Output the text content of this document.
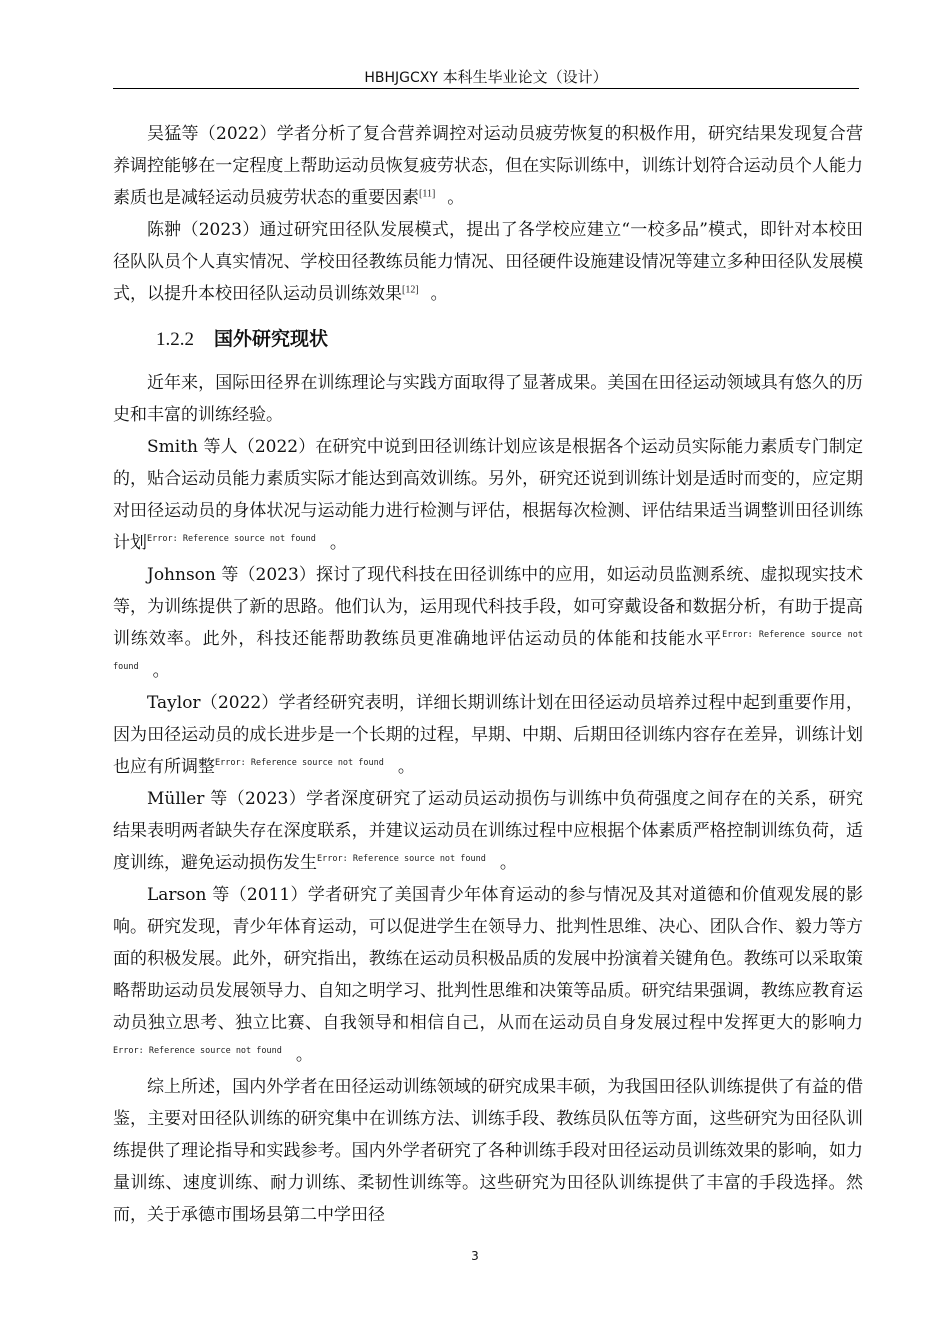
HBHJGCXY 本科生毕业论文（设计）

吴猛等（2022）学者分析了复合营养调控对运动员疲劳恢复的积极作用，研究结果发现复合营养调控能够在一定程度上帮助运动员恢复疲劳状态，但在实际训练中，训练计划符合运动员个人能力素质也是减轻运动员疲劳状态的重要因素[11] 。

陈翀（2023）通过研究田径队发展模式，提出了各学校应建立“一校多品”模式，即针对本校田径队队员个人真实情况、学校田径教练员能力情况、田径硬件设施建设情况等建立多种田径队发展模式，以提升本校田径队运动员训练效果[12] 。

1.2.2 国外研究现状

近年来，国际田径界在训练理论与实践方面取得了显著成果。美国在田径运动领域具有悠久的历史和丰富的训练经验。

Smith 等人（2022）在研究中说到田径训练计划应该是根据各个运动员实际能力素质专门制定的，贴合运动员能力素质实际才能达到高效训练。另外，研究还说到训练计划是适时而变的，应定期对田径运动员的身体状况与运动能力进行检测与评估，根据每次检测、评估结果适当调整训田径训练计划$^{Error: Reference source not found}$ 。

Johnson 等（2023）探讨了现代科技在田径训练中的应用，如运动员监测系统、虚拟现实技术等，为训练提供了新的思路。他们认为，运用现代科技手段，如可穿戴设备和数据分析，有助于提高训练效率。此外，科技还能帮助教练员更准确地评估运动员的体能和技能水平$^{Error: Reference source not found}$ 。

Taylor（2022）学者经研究表明，详细长期训练计划在田径运动员培养过程中起到重要作用，因为田径运动员的成长进步是一个长期的过程，早期、中期、后期田径训练内容存在差异，训练计划也应有所调整$^{Error: Reference source not found}$ 。

Müller 等（2023）学者深度研究了运动员运动损伤与训练中负荷强度之间存在的关系，研究结果表明两者缺失存在深度联系，并建议运动员在训练过程中应根据个体素质严格控制训练负荷，适度训练，避免运动损伤发生$^{Error: Reference source not found}$ 。

Larson 等（2011）学者研究了美国青少年体育运动的参与情况及其对道德和价值观发展的影响。研究发现，青少年体育运动，可以促进学生在领导力、批判性思维、决心、团队合作、毅力等方面的积极发展。此外，研究指出，教练在运动员积极品质的发展中扮演着关键角色。教练可以采取策略帮助运动员发展领导力、自知之明学习、批判性思维和决策等品质。研究结果强调，教练应教育运动员独立思考、独立比赛、自我领导和相信自己，从而在运动员自身发展过程中发挥更大的影响力$^{Error: Reference source not found}$ 。

综上所述，国内外学者在田径运动训练领域的研究成果丰硕，为我国田径队训练提供了有益的借鉴，主要对田径队训练的研究集中在训练方法、训练手段、教练员队伍等方面，这些研究为田径队训练提供了理论指导和实践参考。国内外学者研究了各种训练手段对田径运动员训练效果的影响，如力量训练、速度训练、耐力训练、柔韧性训练等。这些研究为田径队训练提供了丰富的手段选择。然而，关于承德市围场县第二中学田径

3
